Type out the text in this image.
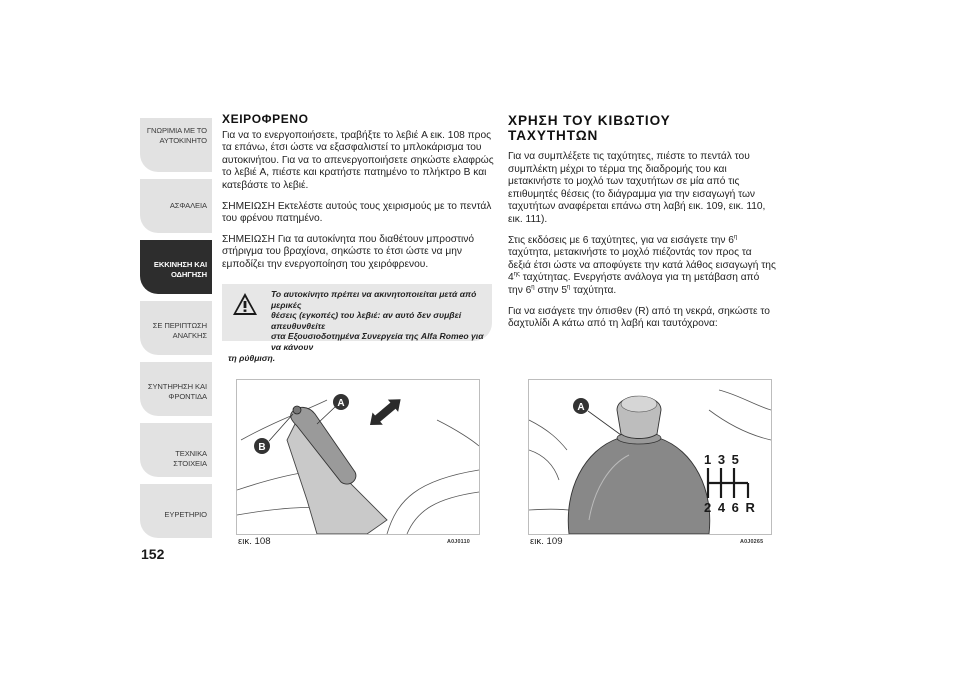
ΓΝΩΡΙΜΙΑ ΜΕ ΤΟ
ΑΥΤΟΚΙΝΗΤΟ
ΑΣΦΑΛΕΙΑ
ΕΚΚΙΝΗΣΗ ΚΑΙ
ΟΔΗΓΗΣΗ
ΣΕ ΠΕΡΙΠΤΩΣΗ
ΑΝΑΓΚΗΣ
ΣΥΝΤΗΡΗΣΗ ΚΑΙ
ΦΡΟΝΤΙΔΑ
ΤΕΧΝΙΚΑ ΣΤΟΙΧΕΙΑ
ΕΥΡΕΤΗΡΙΟ
152
ΧΕΙΡΟΦΡΕΝΟ

Για να το ενεργοποιήσετε, τραβήξτε το λεβιέ A εικ. 108 προς τα επάνω, έτσι ώστε να εξασφαλιστεί το μπλοκάρισμα του αυτοκινήτου. Για να το απενεργοποιήσετε σηκώστε ελαφρώς το λεβιέ A, πιέστε και κρατήστε πατημένο το πλήκτρο B και κατεβάστε το λεβιέ.

ΣΗΜΕΙΩΣΗ Εκτελέστε αυτούς τους χειρισμούς με το πεντάλ του φρένου πατημένο.

ΣΗΜΕΙΩΣΗ Για τα αυτοκίνητα που διαθέτουν μπροστινό στήριγμα του βραχίονα, σηκώστε το έτσι ώστε να μην εμποδίζει την ενεργοποίηση του χειρόφρενου.

Το αυτοκίνητο πρέπει να ακινητοποιείται μετά από μερικές
θέσεις (εγκοπές) του λεβιέ: αν αυτό δεν συμβεί απευθυνθείτε
στα Εξουσιοδοτημένα Συνεργεία της Alfa Romeo για να κάνουν
τη ρύθμιση.
ΧΡΗΣΗ ΤΟΥ ΚΙΒΩΤΙΟΥ
ΤΑΧΥΤΗΤΩΝ

Για να συμπλέξετε τις ταχύτητες, πιέστε το πεντάλ του συμπλέκτη μέχρι το τέρμα της διαδρομής του και μετακινήστε το μοχλό των ταχυτήτων σε μία από τις επιθυμητές θέσεις (το διάγραμμα για την εισαγωγή των ταχυτήτων αναφέρεται επάνω στη λαβή εικ. 109, εικ. 110, εικ. 111).

Στις εκδόσεις με 6 ταχύτητες, για να εισάγετε την $6^\eta$ ταχύτητα, μετακινήστε το μοχλό πιέζοντάς τον προς τα δεξιά έτσι ώστε να αποφύγετε την κατά λάθος εισαγωγή της $4^{\eta\varsigma}$ ταχύτητας. Ενεργήστε ανάλογα για τη μετάβαση από την $6^\eta$ στην $5^\eta$ ταχύτητα.

Για να εισάγετε την όπισθεν (R) από τη νεκρά, σηκώστε το δαχτυλίδι A κάτω από τη λαβή και ταυτόχρονα:

A
B
εικ. 108	A0J0110
A
1 3 5
2 4 6 R
εικ. 109	A0J0265
